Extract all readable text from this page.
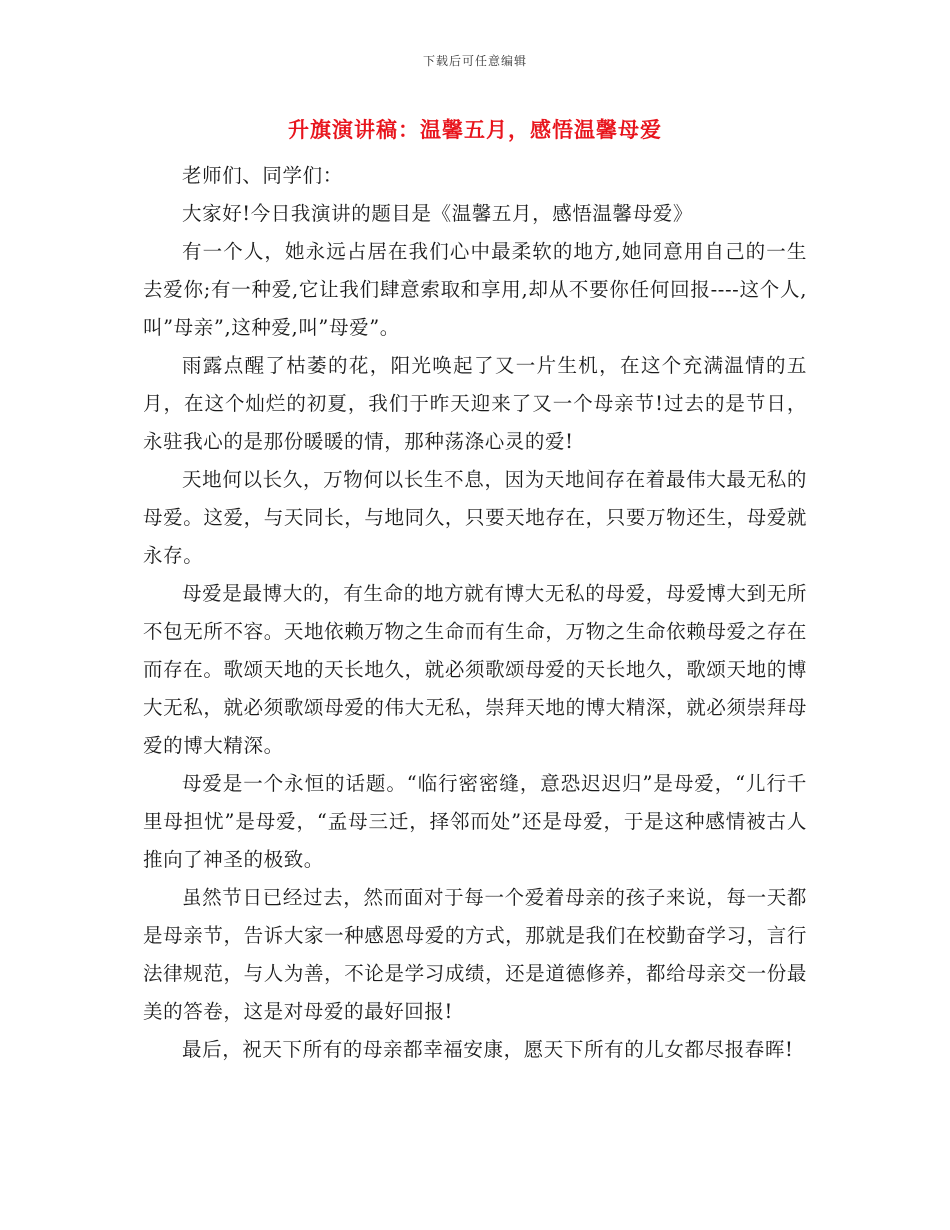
下载后可任意编辑
升旗演讲稿：温馨五月，感悟温馨母爱

老师们、同学们：

大家好!今日我演讲的题目是《温馨五月，感悟温馨母爱》

有一个人，她永远占居在我们心中最柔软的地方,她同意用自己的一生去爱你;有一种爱,它让我们肆意索取和享用,却从不要你任何回报----这个人,叫”母亲”,这种爱,叫”母爱”。

雨露点醒了枯萎的花，阳光唤起了又一片生机，在这个充满温情的五月，在这个灿烂的初夏，我们于昨天迎来了又一个母亲节!过去的是节日，永驻我心的是那份暖暖的情，那种荡涤心灵的爱!

天地何以长久，万物何以长生不息，因为天地间存在着最伟大最无私的母爱。这爱，与天同长，与地同久，只要天地存在，只要万物还生，母爱就永存。

母爱是最博大的，有生命的地方就有博大无私的母爱，母爱博大到无所不包无所不容。天地依赖万物之生命而有生命，万物之生命依赖母爱之存在而存在。歌颂天地的天长地久，就必须歌颂母爱的天长地久，歌颂天地的博大无私，就必须歌颂母爱的伟大无私，崇拜天地的博大精深，就必须崇拜母爱的博大精深。

母爱是一个永恒的话题。“临行密密缝，意恐迟迟归”是母爱，“儿行千里母担忧”是母爱，“孟母三迁，择邻而处”还是母爱，于是这种感情被古人推向了神圣的极致。

虽然节日已经过去，然而面对于每一个爱着母亲的孩子来说，每一天都是母亲节，告诉大家一种感恩母爱的方式，那就是我们在校勤奋学习，言行法律规范，与人为善，不论是学习成绩，还是道德修养，都给母亲交一份最美的答卷，这是对母爱的最好回报!

最后，祝天下所有的母亲都幸福安康，愿天下所有的儿女都尽报春晖!
